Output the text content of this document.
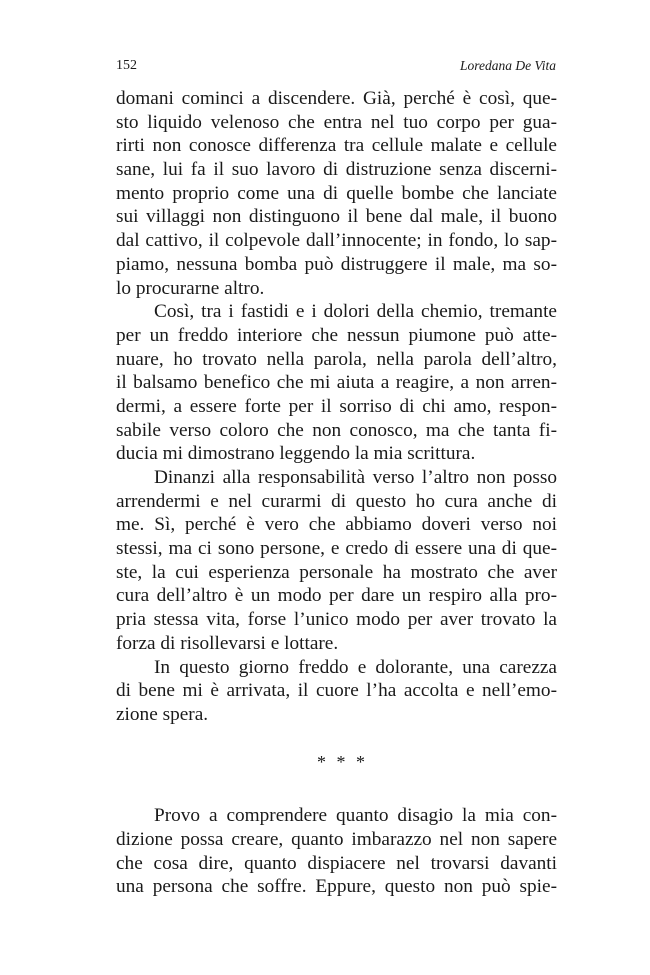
152	Loredana De Vita
domani cominci a discendere. Già, perché è così, que-
sto liquido velenoso che entra nel tuo corpo per gua-
rirti non conosce differenza tra cellule malate e cellule
sane, lui fa il suo lavoro di distruzione senza discerni-
mento proprio come una di quelle bombe che lanciate
sui villaggi non distinguono il bene dal male, il buono
dal cattivo, il colpevole dall’innocente; in fondo, lo sap-
piamo, nessuna bomba può distruggere il male, ma so-
lo procurarne altro.
Così, tra i fastidi e i dolori della chemio, tremante
per un freddo interiore che nessun piumone può atte-
nuare, ho trovato nella parola, nella parola dell’altro,
il balsamo benefico che mi aiuta a reagire, a non arren-
dermi, a essere forte per il sorriso di chi amo, respon-
sabile verso coloro che non conosco, ma che tanta fi-
ducia mi dimostrano leggendo la mia scrittura.
Dinanzi alla responsabilità verso l’altro non posso
arrendermi e nel curarmi di questo ho cura anche di
me. Sì, perché è vero che abbiamo doveri verso noi
stessi, ma ci sono persone, e credo di essere una di que-
ste, la cui esperienza personale ha mostrato che aver
cura dell’altro è un modo per dare un respiro alla pro-
pria stessa vita, forse l’unico modo per aver trovato la
forza di risollevarsi e lottare.
In questo giorno freddo e dolorante, una carezza
di bene mi è arrivata, il cuore l’ha accolta e nell’emo-
zione spera.
* * *
Provo a comprendere quanto disagio la mia con-
dizione possa creare, quanto imbarazzo nel non sapere
che cosa dire, quanto dispiacere nel trovarsi davanti
una persona che soffre. Eppure, questo non può spie-
